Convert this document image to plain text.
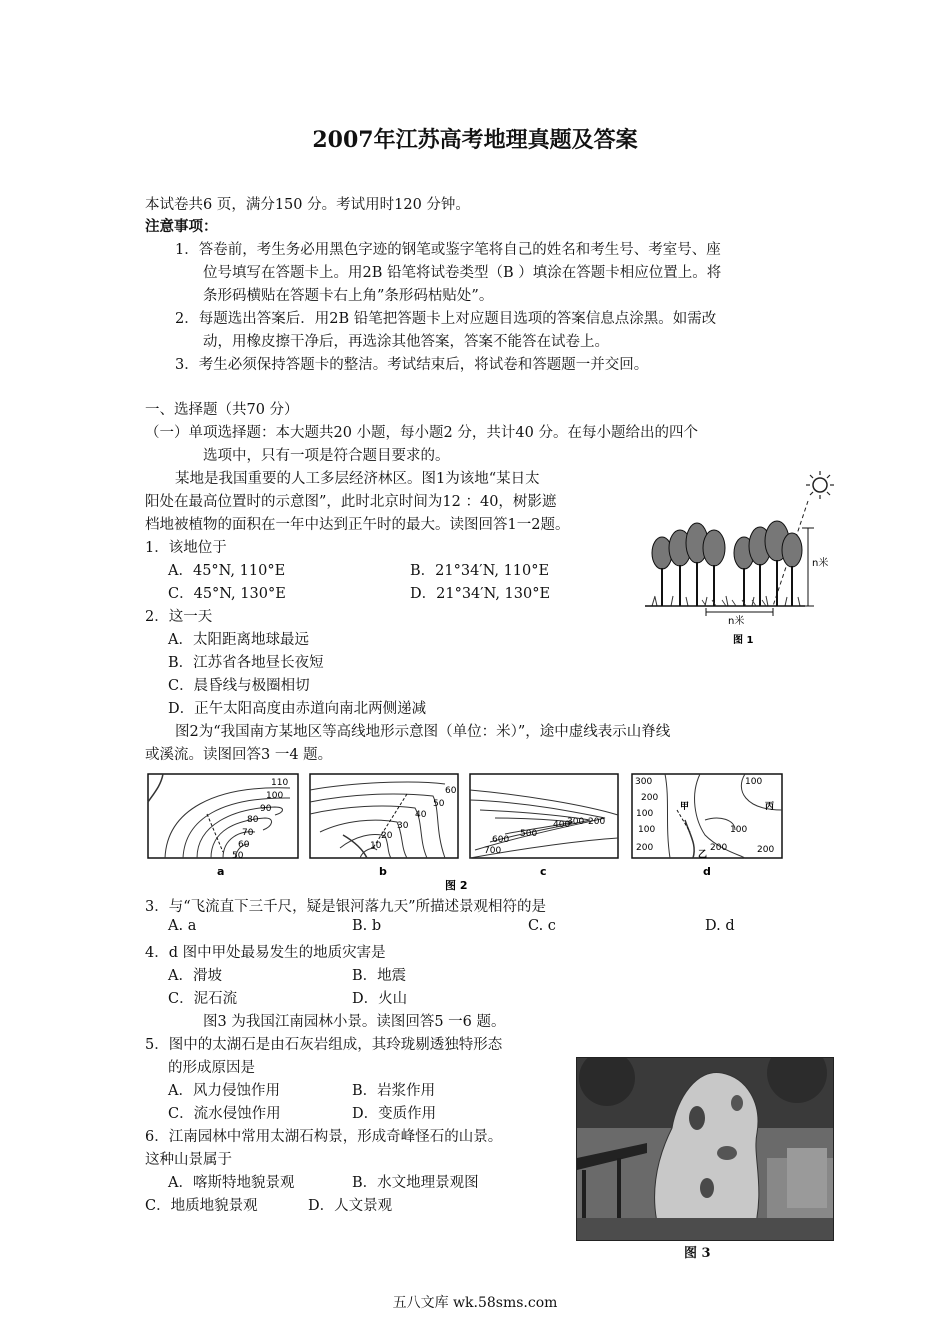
2007年江苏高考地理真题及答案
本试卷共6 页，满分150 分。考试用时120 分钟。
注意事项：
1．答卷前，考生务必用黑色字迹的钢笔或鉴字笔将自己的姓名和考生号、考室号、座
位号填写在答题卡上。用2B 铅笔将试卷类型（B ）填涂在答题卡相应位置上。将
条形码横贴在答题卡右上角”条形码枯贴处”。
2．每题选出答案后．用2B 铅笔把答题卡上对应题目选项的答案信息点涂黑。如需改
动，用橡皮擦干净后，再选涂其他答案，答案不能答在试卷上。
3．考生必须保持答题卡的整洁。考试结束后，将试卷和答题题一并交回。
一、选择题（共70 分）
（一）单项选择题：本大题共20 小题，每小题2 分，共计40 分。在每小题给出的四个
选项中，只有一项是符合题目要求的。
某地是我国重要的人工多层经济林区。图1为该地“某日太
阳处在最高位置时的示意图”，此时北京时间为12 ：40，树影遮
档地被植物的面积在一年中达到正午时的最大。读图回答1一2题。
1．该地位于
A．45°N, 110°E	B．21°34′N, 110°E
C．45°N, 130°E	D．21°34′N, 130°E
2．这一天
A．太阳距离地球最远
B．江苏省各地昼长夜短
C．晨昏线与极圈相切
D．正午太阳高度由赤道向南北两侧递减
图2为“我国南方某地区等高线地形示意图（单位：米）”，途中虚线表示山脊线
或溪流。读图回答3 一4 题。
n米
n米
图 1
110
100
90
80
70
60
50
a
60
50
40
30
20
10
b
600
500
400
300 200
700
c
300
200
100
100
200
100
100
200
200
甲
乙
丙
d
图 2
3．与“飞流直下三千尺，疑是银河落九天”所描述景观相符的是
A. a	B. b	C. c	D. d
4．d 图中甲处最易发生的地质灾害是
A．滑坡	B．地震
C．泥石流	D．火山
图3 为我国江南园林小景。读图回答5 一6 题。
5．图中的太湖石是由石灰岩组成，其玲珑剔透独特形态
的形成原因是
A．风力侵蚀作用	B．岩浆作用
C．流水侵蚀作用	D．变质作用
6．江南园林中常用太湖石构景，形成奇峰怪石的山景。
这种山景属于
A．喀斯特地貌景观	B．水文地理景观图
C．地质地貌景观	D．人文景观
图 3
五八文库 wk.58sms.com
